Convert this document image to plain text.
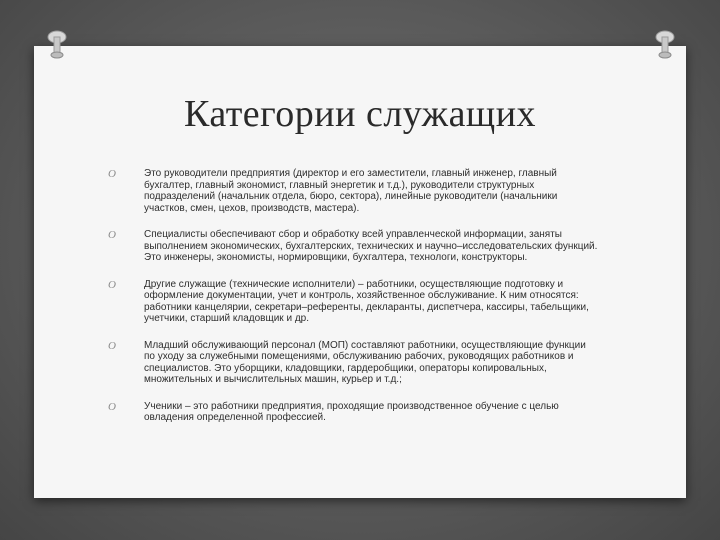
Категории служащих
O	Это руководители предприятия (директор и его заместители, главный инженер, главный бухгалтер, главный экономист, главный энергетик и т.д.), руководители структурных подразделений (начальник отдела, бюро, сектора), линейные руководители (начальники участков, смен, цехов, производств, мастера).
O	Специалисты обеспечивают сбор и обработку всей управленческой информации, заняты выполнением экономических, бухгалтерских, технических и научно–исследовательских функций. Это инженеры, экономисты, нормировщики, бухгалтера, технологи, конструкторы.
O	Другие служащие (технические исполнители) – работники, осуществляющие подготовку и оформление документации, учет и контроль, хозяйственное обслуживание. К ним относятся: работники канцелярии, секретари–референты, декларанты, диспетчера, кассиры, табельщики, учетчики, старший кладовщик и др.
O	Младший обслуживающий персонал (МОП) составляют работники, осуществляющие функции по уходу за служебными помещениями, обслуживанию рабочих, руководящих работников и специалистов. Это уборщики, кладовщики, гардеробщики, операторы копировальных, множительных и вычислительных машин, курьер и т.д.;
O	Ученики – это работники предприятия, проходящие производственное обучение с целью овладения определенной профессией.
